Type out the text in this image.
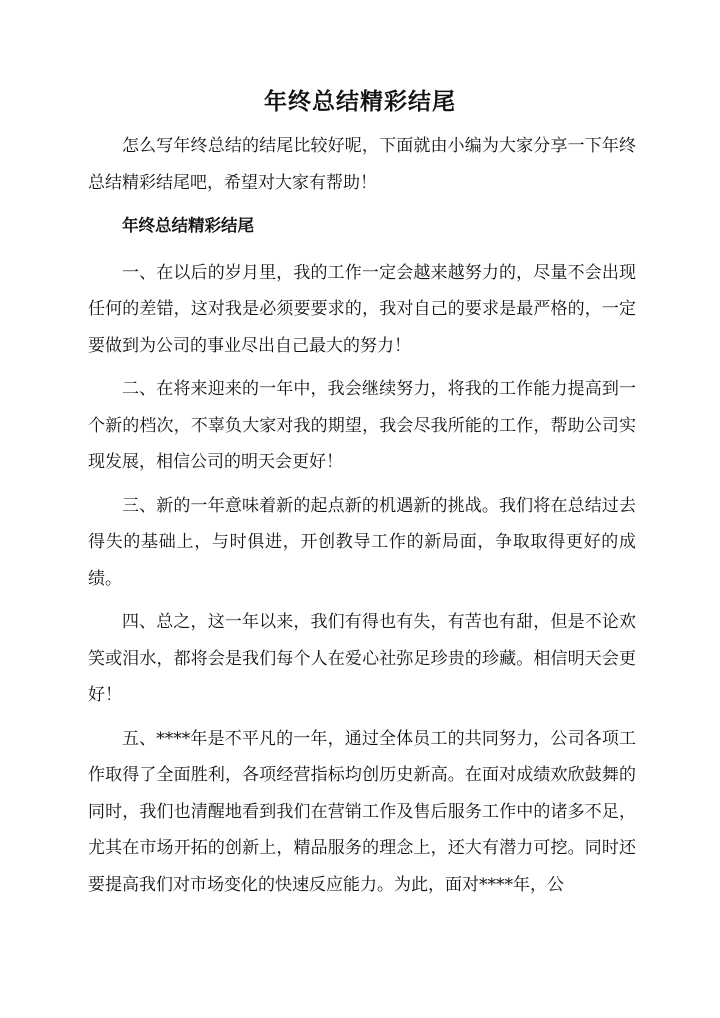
年终总结精彩结尾

怎么写年终总结的结尾比较好呢，下面就由小编为大家分享一下年终总结精彩结尾吧，希望对大家有帮助！

年终总结精彩结尾

一、在以后的岁月里，我的工作一定会越来越努力的，尽量不会出现任何的差错，这对我是必须要要求的，我对自己的要求是最严格的，一定要做到为公司的事业尽出自己最大的努力！

二、在将来迎来的一年中，我会继续努力，将我的工作能力提高到一个新的档次，不辜负大家对我的期望，我会尽我所能的工作，帮助公司实现发展，相信公司的明天会更好！

三、新的一年意味着新的起点新的机遇新的挑战。我们将在总结过去得失的基础上，与时俱进，开创教导工作的新局面，争取取得更好的成绩。

四、总之，这一年以来，我们有得也有失，有苦也有甜，但是不论欢笑或泪水，都将会是我们每个人在爱心社弥足珍贵的珍藏。相信明天会更好！

五、****年是不平凡的一年，通过全体员工的共同努力，公司各项工作取得了全面胜利，各项经营指标均创历史新高。在面对成绩欢欣鼓舞的同时，我们也清醒地看到我们在营销工作及售后服务工作中的诸多不足，尤其在市场开拓的创新上，精品服务的理念上，还大有潜力可挖。同时还要提高我们对市场变化的快速反应能力。为此，面对****年，公
